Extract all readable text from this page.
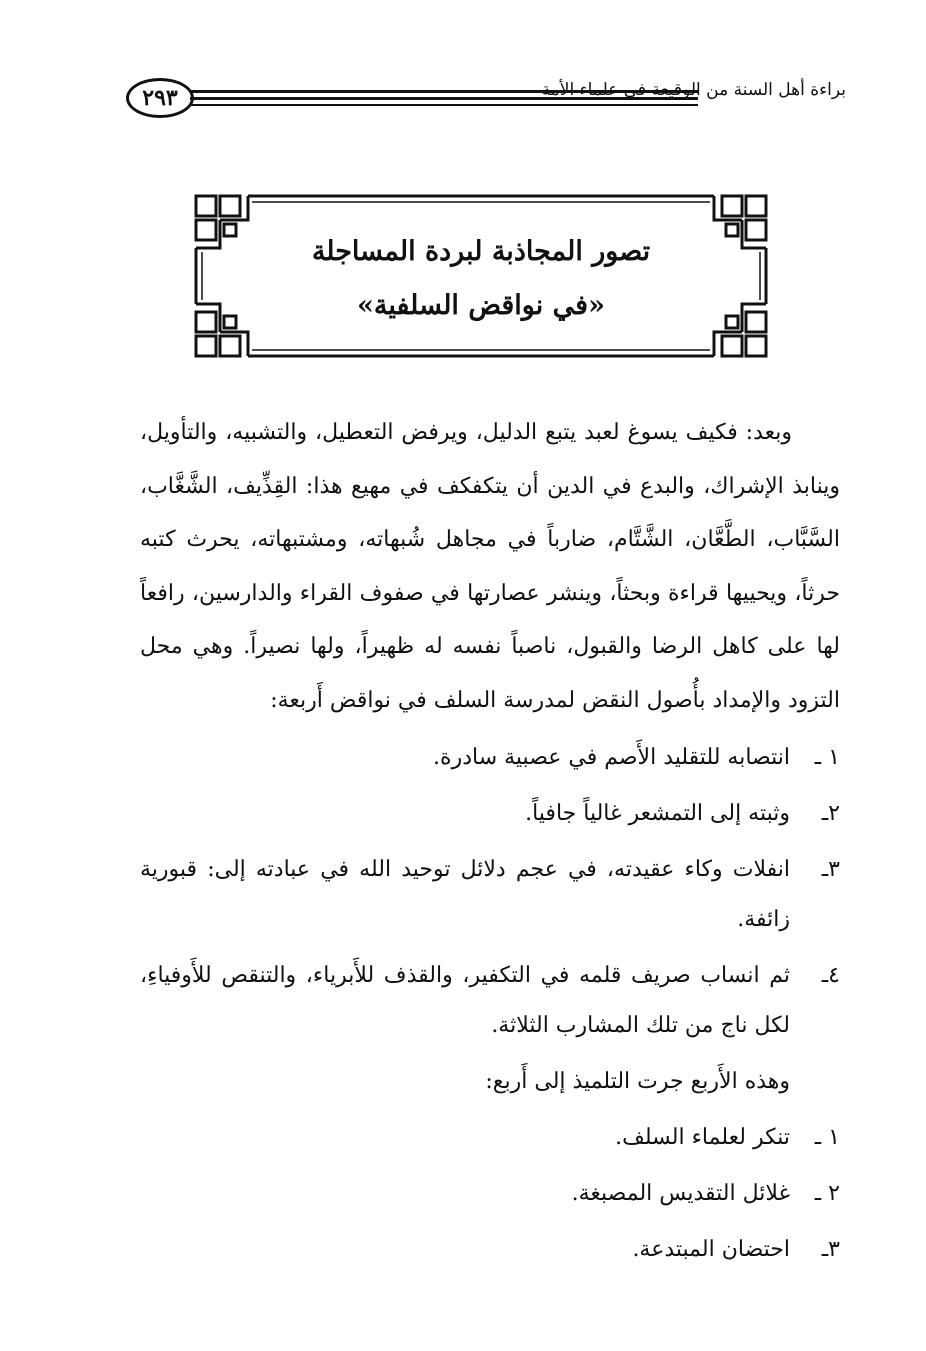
٢٩٣	براءة أهل السنة من الوقيعة في علماء الأمة
تصور المجاذبة لبردة المساجلة
«في نواقض السلفية»

وبعد: فكيف يسوغ لعبد يتبع الدليل، ويرفض التعطيل، والتشبيه، والتأويل، وينابذ الإشراك، والبدع في الدين أن يتكفكف في مهيع هذا: القِذِّيف، الشَّغَّاب، السَّبَّاب، الطَّعَّان، الشَّتَّام، ضارباً في مجاهل شُبهاته، ومشتبهاته، يحرث كتبه حرثاً، ويحييها قراءة وبحثاً، وينشر عصارتها في صفوف القراء والدارسين، رافعاً لها على كاهل الرضا والقبول، ناصباً نفسه له ظهيراً، ولها نصيراً. وهي محل التزود والإمداد بأُصول النقض لمدرسة السلف في نواقض أَربعة:

١ ـ
انتصابه للتقليد الأَصم في عصبية سادرة.
٢ـ
وثبته إلى التمشعر غالياً جافياً.
٣ـ
انفلات وكاء عقيدته، في عجم دلائل توحيد الله في عبادته إلى: قبورية زائفة.
٤ـ
ثم انساب صريف قلمه في التكفير، والقذف للأَبرياء، والتنقص للأَوفياءِ، لكل ناج من تلك المشارب الثلاثة.
وهذه الأَربع جرت التلميذ إلى أَربع:
١ ـ
تنكر لعلماء السلف.
٢ ـ
غلائل التقديس المصبغة.
٣ـ
احتضان المبتدعة.
